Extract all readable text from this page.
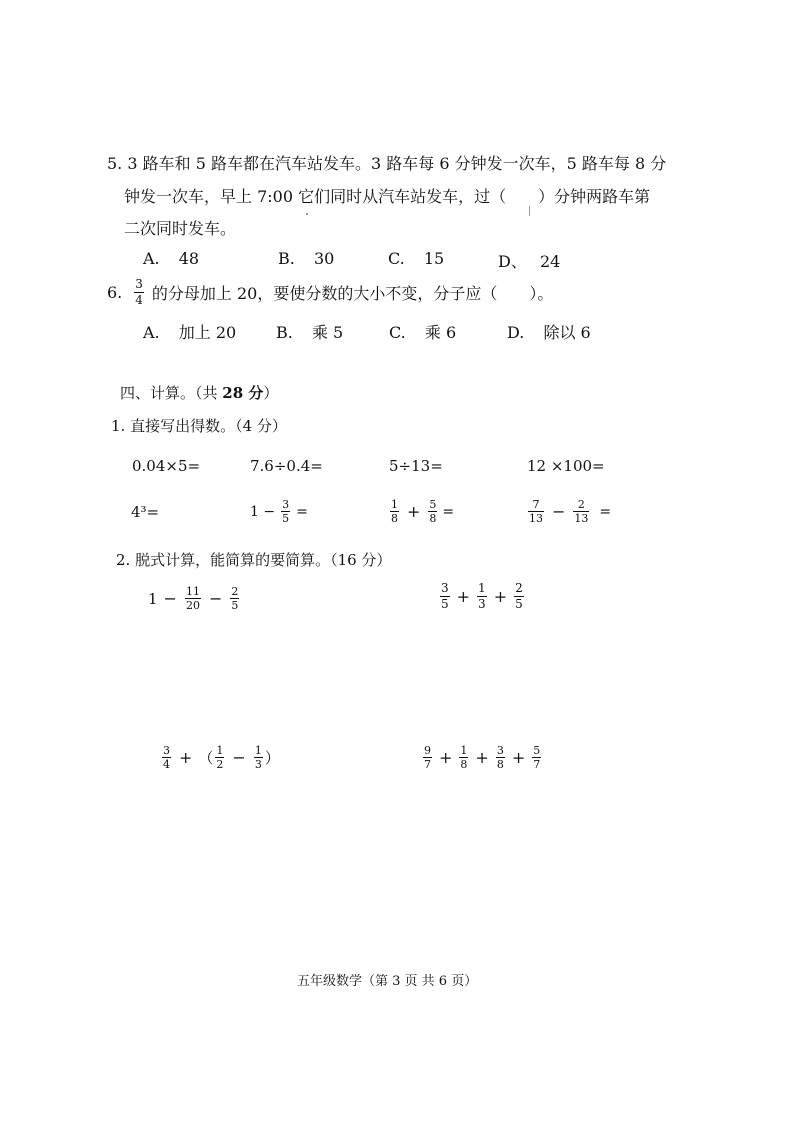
5. 3 路车和 5 路车都在汽车站发车。3 路车每 6 分钟发一次车，5 路车每 8 分
钟发一次车，早上 7:00 它们同时从汽车站发车，过（　　）分钟两路车第
二次同时发车。
A. 48	B. 30	C. 15	D、 24
6. $\frac{3}{4}$ 的分母加上 20，要使分数的大小不变，分子应（　　）。
A. 加上 20 B. 乘 5	C. 乘 6	D. 除以 6
四、计算。（共 28 分）
1. 直接写出得数。（4 分）
0.04×5=	7.6÷0.4=	5÷13=	12 ×100=
4³=	$1 - \frac{3}{5}$ =	$\frac{1}{8} + \frac{5}{8}$ =	$\frac{7}{13} - \frac{2}{13}$ =
2. 脱式计算，能简算的要简算。（16 分）
$1 - \frac{11}{20} - \frac{2}{5}$	$\frac{3}{5} + \frac{1}{3} + \frac{2}{5}$
$\frac{3}{4}$ + （ $\frac{1}{2} - \frac{1}{3}$ ）	$\frac{9}{7} + \frac{1}{8} + \frac{3}{8} + \frac{5}{7}$
五年级数学（第 3 页 共 6 页）
